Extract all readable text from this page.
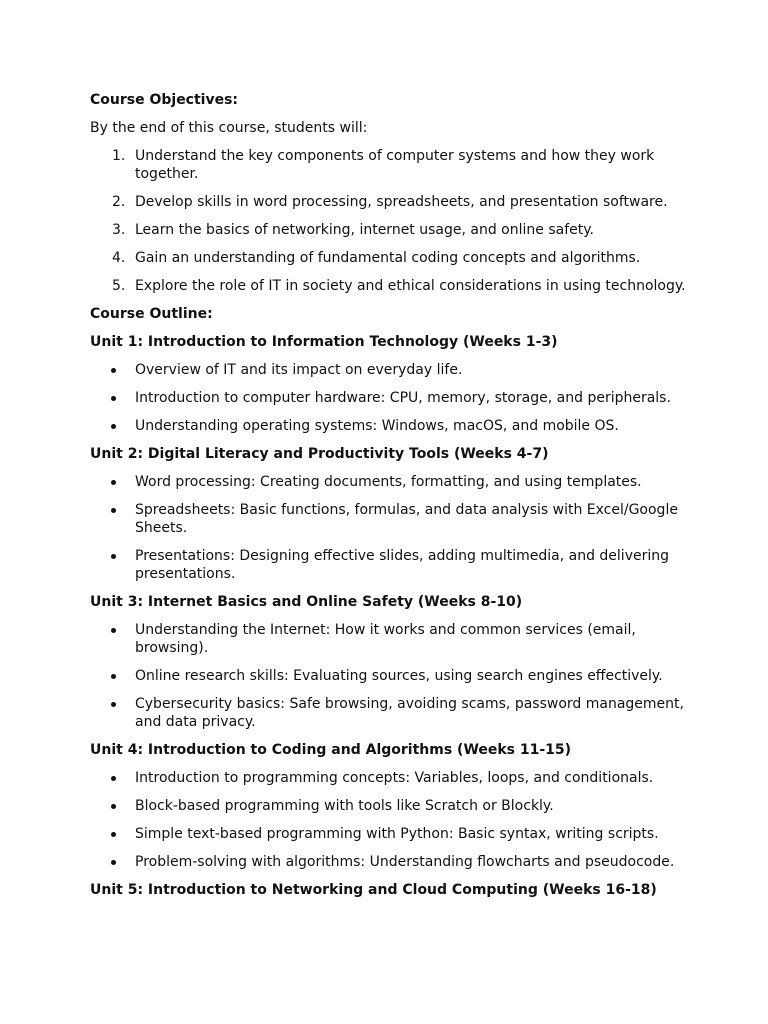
Course Objectives:
By the end of this course, students will:
1. Understand the key components of computer systems and how they work together.
2. Develop skills in word processing, spreadsheets, and presentation software.
3. Learn the basics of networking, internet usage, and online safety.
4. Gain an understanding of fundamental coding concepts and algorithms.
5. Explore the role of IT in society and ethical considerations in using technology.
Course Outline:
Unit 1: Introduction to Information Technology (Weeks 1-3)
Overview of IT and its impact on everyday life.
Introduction to computer hardware: CPU, memory, storage, and peripherals.
Understanding operating systems: Windows, macOS, and mobile OS.
Unit 2: Digital Literacy and Productivity Tools (Weeks 4-7)
Word processing: Creating documents, formatting, and using templates.
Spreadsheets: Basic functions, formulas, and data analysis with Excel/Google Sheets.
Presentations: Designing effective slides, adding multimedia, and delivering presentations.
Unit 3: Internet Basics and Online Safety (Weeks 8-10)
Understanding the Internet: How it works and common services (email, browsing).
Online research skills: Evaluating sources, using search engines effectively.
Cybersecurity basics: Safe browsing, avoiding scams, password management, and data privacy.
Unit 4: Introduction to Coding and Algorithms (Weeks 11-15)
Introduction to programming concepts: Variables, loops, and conditionals.
Block-based programming with tools like Scratch or Blockly.
Simple text-based programming with Python: Basic syntax, writing scripts.
Problem-solving with algorithms: Understanding flowcharts and pseudocode.
Unit 5: Introduction to Networking and Cloud Computing (Weeks 16-18)
